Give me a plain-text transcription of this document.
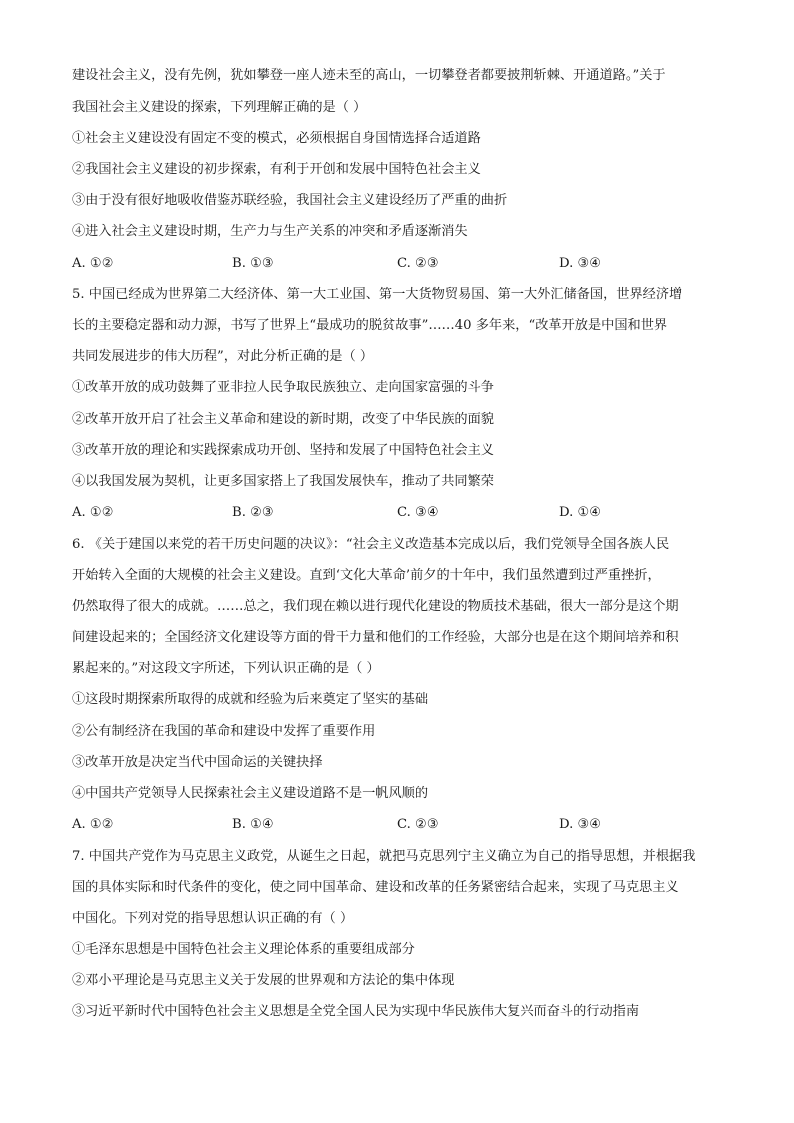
建设社会主义，没有先例，犹如攀登一座人迹未至的高山，一切攀登者都要披荆斩棘、开通道路。”关于
我国社会主义建设的探索，下列理解正确的是（ ）
①社会主义建设没有固定不变的模式，必须根据自身国情选择合适道路
②我国社会主义建设的初步探索，有利于开创和发展中国特色社会主义
③由于没有很好地吸收借鉴苏联经验，我国社会主义建设经历了严重的曲折
④进入社会主义建设时期，生产力与生产关系的冲突和矛盾逐渐消失
A. ①②	B. ①③	C. ②③	D. ③④
5. 中国已经成为世界第二大经济体、第一大工业国、第一大货物贸易国、第一大外汇储备国，世界经济增
长的主要稳定器和动力源，书写了世界上“最成功的脱贫故事”……40 多年来，“改革开放是中国和世界
共同发展进步的伟大历程”，对此分析正确的是（ ）
①改革开放的成功鼓舞了亚非拉人民争取民族独立、走向国家富强的斗争
②改革开放开启了社会主义革命和建设的新时期，改变了中华民族的面貌
③改革开放的理论和实践探索成功开创、坚持和发展了中国特色社会主义
④以我国发展为契机，让更多国家搭上了我国发展快车，推动了共同繁荣
A. ①②	B. ②③	C. ③④	D. ①④
6. 《关于建国以来党的若干历史问题的决议》：“社会主义改造基本完成以后，我们党领导全国各族人民
开始转入全面的大规模的社会主义建设。直到‘文化大革命’前夕的十年中，我们虽然遭到过严重挫折，
仍然取得了很大的成就。……总之，我们现在赖以进行现代化建设的物质技术基础，很大一部分是这个期
间建设起来的；全国经济文化建设等方面的骨干力量和他们的工作经验，大部分也是在这个期间培养和积
累起来的。”对这段文字所述，下列认识正确的是（ ）
①这段时期探索所取得的成就和经验为后来奠定了坚实的基础
②公有制经济在我国的革命和建设中发挥了重要作用
③改革开放是决定当代中国命运的关键抉择
④中国共产党领导人民探索社会主义建设道路不是一帆风顺的
A. ①②	B. ①④	C. ②③	D. ③④
7. 中国共产党作为马克思主义政党，从诞生之日起，就把马克思列宁主义确立为自己的指导思想，并根据我
国的具体实际和时代条件的变化，使之同中国革命、建设和改革的任务紧密结合起来，实现了马克思主义
中国化。下列对党的指导思想认识正确的有（ ）
①毛泽东思想是中国特色社会主义理论体系的重要组成部分
②邓小平理论是马克思主义关于发展的世界观和方法论的集中体现
③习近平新时代中国特色社会主义思想是全党全国人民为实现中华民族伟大复兴而奋斗的行动指南
